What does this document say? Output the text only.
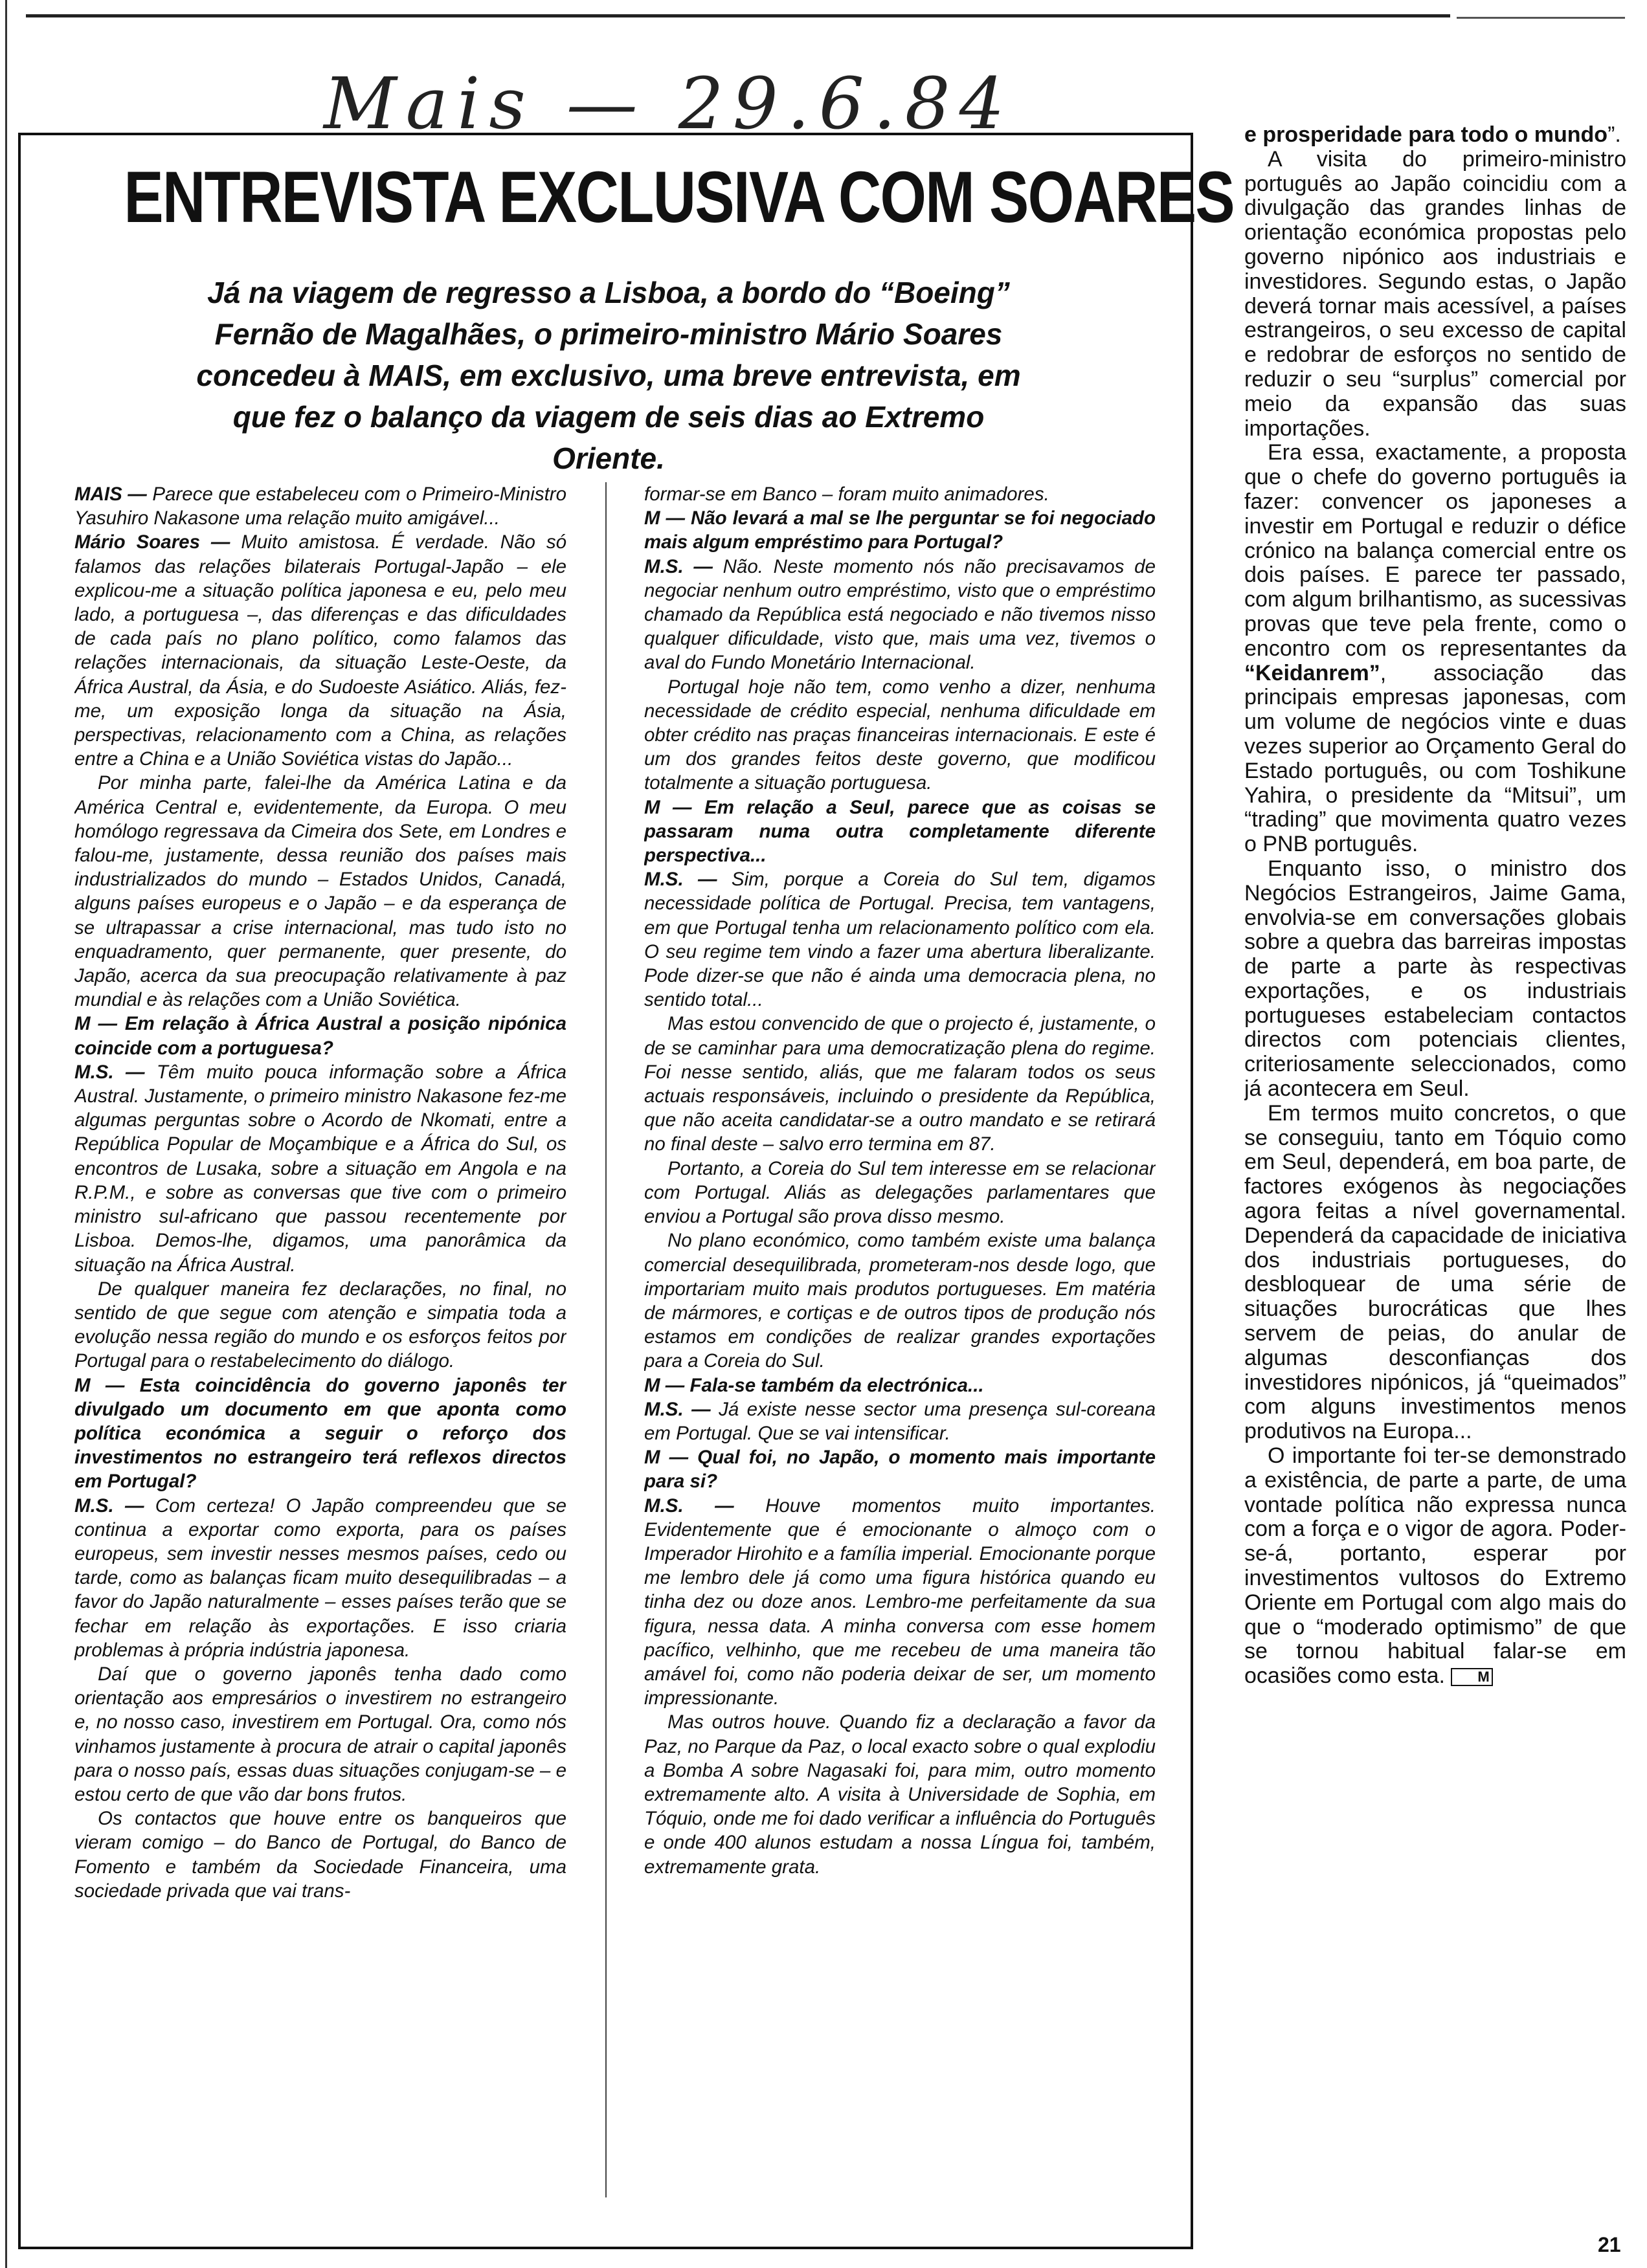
Mais — 29.6.84
ENTREVISTA EXCLUSIVA COM SOARES
Já na viagem de regresso a Lisboa, a bordo do “Boeing” Fernão de Magalhães, o primeiro-ministro Mário Soares concedeu à MAIS, em exclusivo, uma breve entrevista, em que fez o balanço da viagem de seis dias ao Extremo Oriente.

MAIS — Parece que estabeleceu com o Primeiro-Ministro Yasuhiro Nakasone uma relação muito amigável...

Mário Soares — Muito amistosa. É verdade. Não só falamos das relações bilaterais Portugal-Japão – ele explicou-me a situação política japonesa e eu, pelo meu lado, a portuguesa –, das diferenças e das dificuldades de cada país no plano político, como falamos das relações internacionais, da situação Leste-Oeste, da África Austral, da Ásia, e do Sudoeste Asiático. Aliás, fez-me, um exposição longa da situação na Ásia, perspectivas, relacionamento com a China, as relações entre a China e a União Soviética vistas do Japão...

Por minha parte, falei-lhe da América Latina e da América Central e, evidentemente, da Europa. O meu homólogo regressava da Cimeira dos Sete, em Londres e falou-me, justamente, dessa reunião dos países mais industrializados do mundo – Estados Unidos, Canadá, alguns países europeus e o Japão – e da esperança de se ultrapassar a crise internacional, mas tudo isto no enquadramento, quer permanente, quer presente, do Japão, acerca da sua preocupação relativamente à paz mundial e às relações com a União Soviética.

M — Em relação à África Austral a posição nipónica coincide com a portuguesa?

M.S. — Têm muito pouca informação sobre a África Austral. Justamente, o primeiro ministro Nakasone fez-me algumas perguntas sobre o Acordo de Nkomati, entre a República Popular de Moçambique e a África do Sul, os encontros de Lusaka, sobre a situação em Angola e na R.P.M., e sobre as conversas que tive com o primeiro ministro sul-africano que passou recentemente por Lisboa. Demos-lhe, digamos, uma panorâmica da situação na África Austral.

De qualquer maneira fez declarações, no final, no sentido de que segue com atenção e simpatia toda a evolução nessa região do mundo e os esforços feitos por Portugal para o restabelecimento do diálogo.

M — Esta coincidência do governo japonês ter divulgado um documento em que aponta como política económica a seguir o reforço dos investimentos no estrangeiro terá reflexos directos em Portugal?

M.S. — Com certeza! O Japão compreendeu que se continua a exportar como exporta, para os países europeus, sem investir nesses mesmos países, cedo ou tarde, como as balanças ficam muito desequilibradas – a favor do Japão naturalmente – esses países terão que se fechar em relação às exportações. E isso criaria problemas à própria indústria japonesa.

Daí que o governo japonês tenha dado como orientação aos empresários o investirem no estrangeiro e, no nosso caso, investirem em Portugal. Ora, como nós vinhamos justamente à procura de atrair o capital japonês para o nosso país, essas duas situações conjugam-se – e estou certo de que vão dar bons frutos.

Os contactos que houve entre os banqueiros que vieram comigo – do Banco de Portugal, do Banco de Fomento e também da Sociedade Financeira, uma sociedade privada que vai trans-

formar-se em Banco – foram muito animadores.

M — Não levará a mal se lhe perguntar se foi negociado mais algum empréstimo para Portugal?

M.S. — Não. Neste momento nós não precisavamos de negociar nenhum outro empréstimo, visto que o empréstimo chamado da República está negociado e não tivemos nisso qualquer dificuldade, visto que, mais uma vez, tivemos o aval do Fundo Monetário Internacional.

Portugal hoje não tem, como venho a dizer, nenhuma necessidade de crédito especial, nenhuma dificuldade em obter crédito nas praças financeiras internacionais. E este é um dos grandes feitos deste governo, que modificou totalmente a situação portuguesa.

M — Em relação a Seul, parece que as coisas se passaram numa outra completamente diferente perspectiva...

M.S. — Sim, porque a Coreia do Sul tem, digamos necessidade política de Portugal. Precisa, tem vantagens, em que Portugal tenha um relacionamento político com ela. O seu regime tem vindo a fazer uma abertura liberalizante. Pode dizer-se que não é ainda uma democracia plena, no sentido total...

Mas estou convencido de que o projecto é, justamente, o de se caminhar para uma democratização plena do regime. Foi nesse sentido, aliás, que me falaram todos os seus actuais responsáveis, incluindo o presidente da República, que não aceita candidatar-se a outro mandato e se retirará no final deste – salvo erro termina em 87.

Portanto, a Coreia do Sul tem interesse em se relacionar com Portugal. Aliás as delegações parlamentares que enviou a Portugal são prova disso mesmo.

No plano económico, como também existe uma balança comercial desequilibrada, prometeram-nos desde logo, que importariam muito mais produtos portugueses. Em matéria de mármores, e cortiças e de outros tipos de produção nós estamos em condições de realizar grandes exportações para a Coreia do Sul.

M — Fala-se também da electrónica...

M.S. — Já existe nesse sector uma presença sul-coreana em Portugal. Que se vai intensificar.

M — Qual foi, no Japão, o momento mais importante para si?

M.S. — Houve momentos muito importantes. Evidentemente que é emocionante o almoço com o Imperador Hirohito e a família imperial. Emocionante porque me lembro dele já como uma figura histórica quando eu tinha dez ou doze anos. Lembro-me perfeitamente da sua figura, nessa data. A minha conversa com esse homem pacífico, velhinho, que me recebeu de uma maneira tão amável foi, como não poderia deixar de ser, um momento impressionante.

Mas outros houve. Quando fiz a declaração a favor da Paz, no Parque da Paz, o local exacto sobre o qual explodiu a Bomba A sobre Nagasaki foi, para mim, outro momento extremamente alto. A visita à Universidade de Sophia, em Tóquio, onde me foi dado verificar a influência do Português e onde 400 alunos estudam a nossa Língua foi, também, extremamente grata.

e prosperidade para todo o mundo”.

A visita do primeiro-ministro português ao Japão coincidiu com a divulgação das grandes linhas de orientação económica propostas pelo governo nipónico aos industriais e investidores. Segundo estas, o Japão deverá tornar mais acessível, a países estrangeiros, o seu excesso de capital e redobrar de esforços no sentido de reduzir o seu “surplus” comercial por meio da expansão das suas importações.

Era essa, exactamente, a proposta que o chefe do governo português ia fazer: convencer os japoneses a investir em Portugal e reduzir o défice crónico na balança comercial entre os dois países. E parece ter passado, com algum brilhantismo, as sucessivas provas que teve pela frente, como o encontro com os representantes da “Keidanrem”, associação das principais empresas japonesas, com um volume de negócios vinte e duas vezes superior ao Orçamento Geral do Estado português, ou com Toshikune Yahira, o presidente da “Mitsui”, um “trading” que movimenta quatro vezes o PNB português.

Enquanto isso, o ministro dos Negócios Estrangeiros, Jaime Gama, envolvia-se em conversações globais sobre a quebra das barreiras impostas de parte a parte às respectivas exportações, e os industriais portugueses estabeleciam contactos directos com potenciais clientes, criteriosamente seleccionados, como já acontecera em Seul.

Em termos muito concretos, o que se conseguiu, tanto em Tóquio como em Seul, dependerá, em boa parte, de factores exógenos às negociações agora feitas a nível governamental. Dependerá da capacidade de iniciativa dos industriais portugueses, do desbloquear de uma série de situações burocráticas que lhes servem de peias, do anular de algumas desconfianças dos investidores nipónicos, já “queimados” com alguns investimentos menos produtivos na Europa...

O importante foi ter-se demonstrado a existência, de parte a parte, de uma vontade política não expressa nunca com a força e o vigor de agora. Poder-se-á, portanto, esperar por investimentos vultosos do Extremo Oriente em Portugal com algo mais do que o “moderado optimismo” de que se tornou habitual falar-se em ocasiões como esta. M

21
